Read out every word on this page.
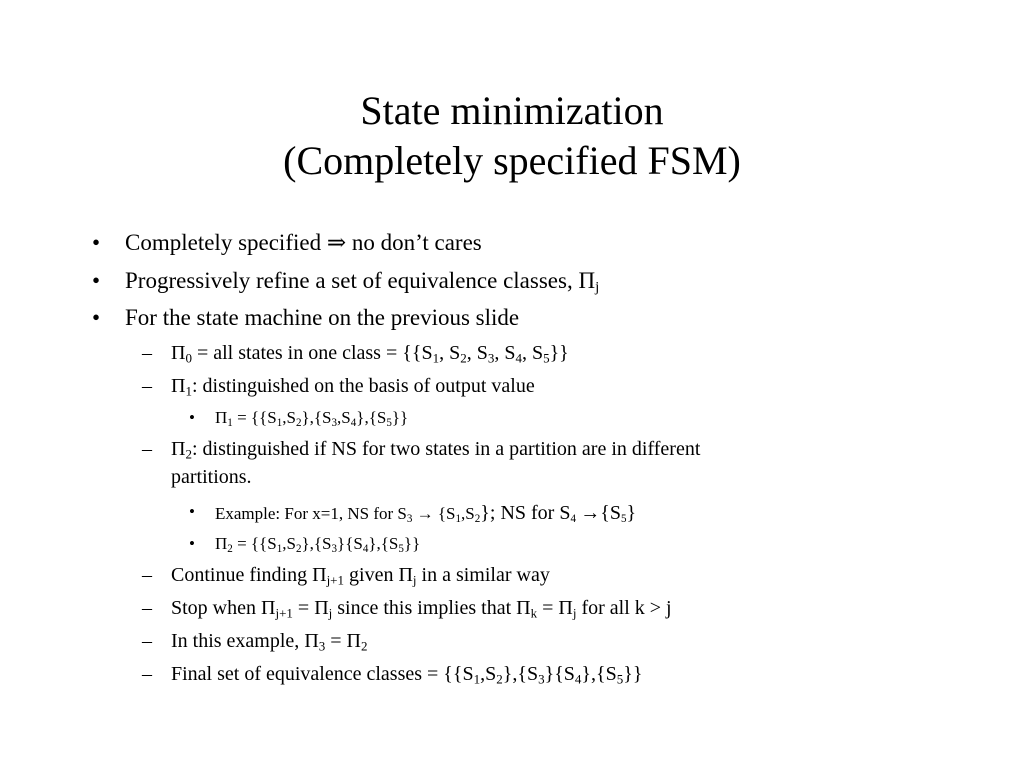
State minimization
(Completely specified FSM)
• Completely specified ⇒ no don’t cares
• Progressively refine a set of equivalence classes, $\Pi_j$
• For the state machine on the previous slide
– $\Pi_0$ = all states in one class = {{$S_1$, $S_2$, $S_3$, $S_4$, $S_5$}}
– $\Pi_1$: distinguished on the basis of output value
• $\Pi_1 = \{\{S_1,S_2\},\{S_3,S_4\},\{S_5\}\}$
– $\Pi_2$: distinguished if NS for two states in a partition are in different
partitions.
• Example: For x=1, NS for $S_3 \to \{S_1,S_2\}$; NS for $S_4 \to\{S_5\}$
• $\Pi_2 = \{\{S_1,S_2\},\{S_3\}\{S_4\},\{S_5\}\}$
– Continue finding $\Pi_{j+1}$ given $\Pi_j$ in a similar way
– Stop when $\Pi_{j+1} = \Pi_j$ since this implies that $\Pi_k = \Pi_j$ for all k > j
– In this example, $\Pi_3 = \Pi_2$
– Final set of equivalence classes = $\{\{S_1,S_2\},\{S_3\}\{S_4\},\{S_5\}\}$
